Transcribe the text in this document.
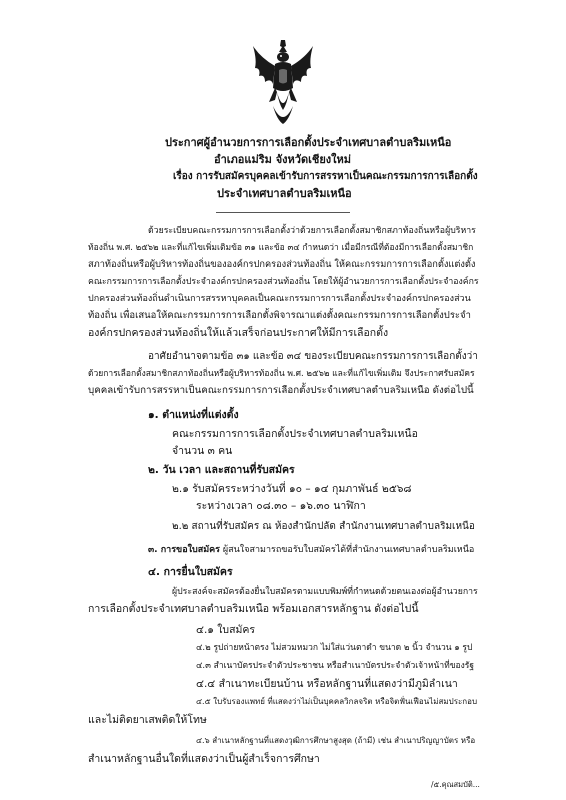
ประกาศผู้อำนวยการการเลือกตั้งประจำเทศบาลตำบลริมเหนือ
อำเภอแม่ริม จังหวัดเชียงใหม่
เรื่อง การรับสมัครบุคคลเข้ารับการสรรหาเป็นคณะกรรมการการเลือกตั้ง
ประจำเทศบาลตำบลริมเหนือ
ด้วยระเบียบคณะกรรมการการเลือกตั้งว่าด้วยการเลือกตั้งสมาชิกสภาท้องถิ่นหรือผู้บริหาร
ท้องถิ่น พ.ศ. ๒๕๖๒ และที่แก้ไขเพิ่มเติมข้อ ๓๑ และข้อ ๓๔ กำหนดว่า เมื่อมีกรณีที่ต้องมีการเลือกตั้งสมาชิก
สภาท้องถิ่นหรือผู้บริหารท้องถิ่นขององค์กรปกครองส่วนท้องถิ่น ให้คณะกรรมการการเลือกตั้งแต่งตั้ง
คณะกรรมการการเลือกตั้งประจำองค์กรปกครองส่วนท้องถิ่น โดยให้ผู้อำนวยการการเลือกตั้งประจำองค์กร
ปกครองส่วนท้องถิ่นดำเนินการสรรหาบุคคลเป็นคณะกรรมการการเลือกตั้งประจำองค์กรปกครองส่วน
ท้องถิ่น เพื่อเสนอให้คณะกรรมการการเลือกตั้งพิจารณาแต่งตั้งคณะกรรมการการเลือกตั้งประจำ
องค์กรปกครองส่วนท้องถิ่นให้แล้วเสร็จก่อนประกาศให้มีการเลือกตั้ง
อาศัยอำนาจตามข้อ ๓๑ และข้อ ๓๔ ของระเบียบคณะกรรมการการเลือกตั้งว่า
ด้วยการเลือกตั้งสมาชิกสภาท้องถิ่นหรือผู้บริหารท้องถิ่น พ.ศ. ๒๕๖๒ และที่แก้ไขเพิ่มเติม จึงประกาศรับสมัคร
บุคคลเข้ารับการสรรหาเป็นคณะกรรมการการเลือกตั้งประจำเทศบาลตำบลริมเหนือ ดังต่อไปนี้
๑. ตำแหน่งที่แต่งตั้ง
คณะกรรมการการเลือกตั้งประจำเทศบาลตำบลริมเหนือ
จำนวน ๓ คน
๒. วัน เวลา และสถานที่รับสมัคร
๒.๑ รับสมัครระหว่างวันที่ ๑๐ – ๑๔ กุมภาพันธ์ ๒๕๖๘
ระหว่างเวลา ๐๘.๓๐ – ๑๖.๓๐ นาฬิกา
๒.๒ สถานที่รับสมัคร ณ ห้องสำนักปลัด สำนักงานเทศบาลตำบลริมเหนือ
๓. การขอใบสมัคร ผู้สนใจสามารถขอรับใบสมัครได้ที่สำนักงานเทศบาลตำบลริมเหนือ
๔. การยื่นใบสมัคร
ผู้ประสงค์จะสมัครต้องยื่นใบสมัครตามแบบพิมพ์ที่กำหนดด้วยตนเองต่อผู้อำนวยการ
การเลือกตั้งประจำเทศบาลตำบลริมเหนือ พร้อมเอกสารหลักฐาน ดังต่อไปนี้
๔.๑ ใบสมัคร
๔.๒ รูปถ่ายหน้าตรง ไม่สวมหมวก ไม่ใส่แว่นตาดำ ขนาด ๒ นิ้ว จำนวน ๑ รูป
๔.๓ สำเนาบัตรประจำตัวประชาชน หรือสำเนาบัตรประจำตัวเจ้าหน้าที่ของรัฐ
๔.๔ สำเนาทะเบียนบ้าน หรือหลักฐานที่แสดงว่ามีภูมิลำเนา
๔.๕ ใบรับรองแพทย์ ที่แสดงว่าไม่เป็นบุคคลวิกลจริต หรือจิตฟั่นเฟือนไม่สมประกอบ
และไม่ติดยาเสพติดให้โทษ
๔.๖ สำเนาหลักฐานที่แสดงวุฒิการศึกษาสูงสุด (ถ้ามี) เช่น สำเนาปริญญาบัตร หรือ
สำเนาหลักฐานอื่นใดที่แสดงว่าเป็นผู้สำเร็จการศึกษา
/๕.คุณสมบัติ...
